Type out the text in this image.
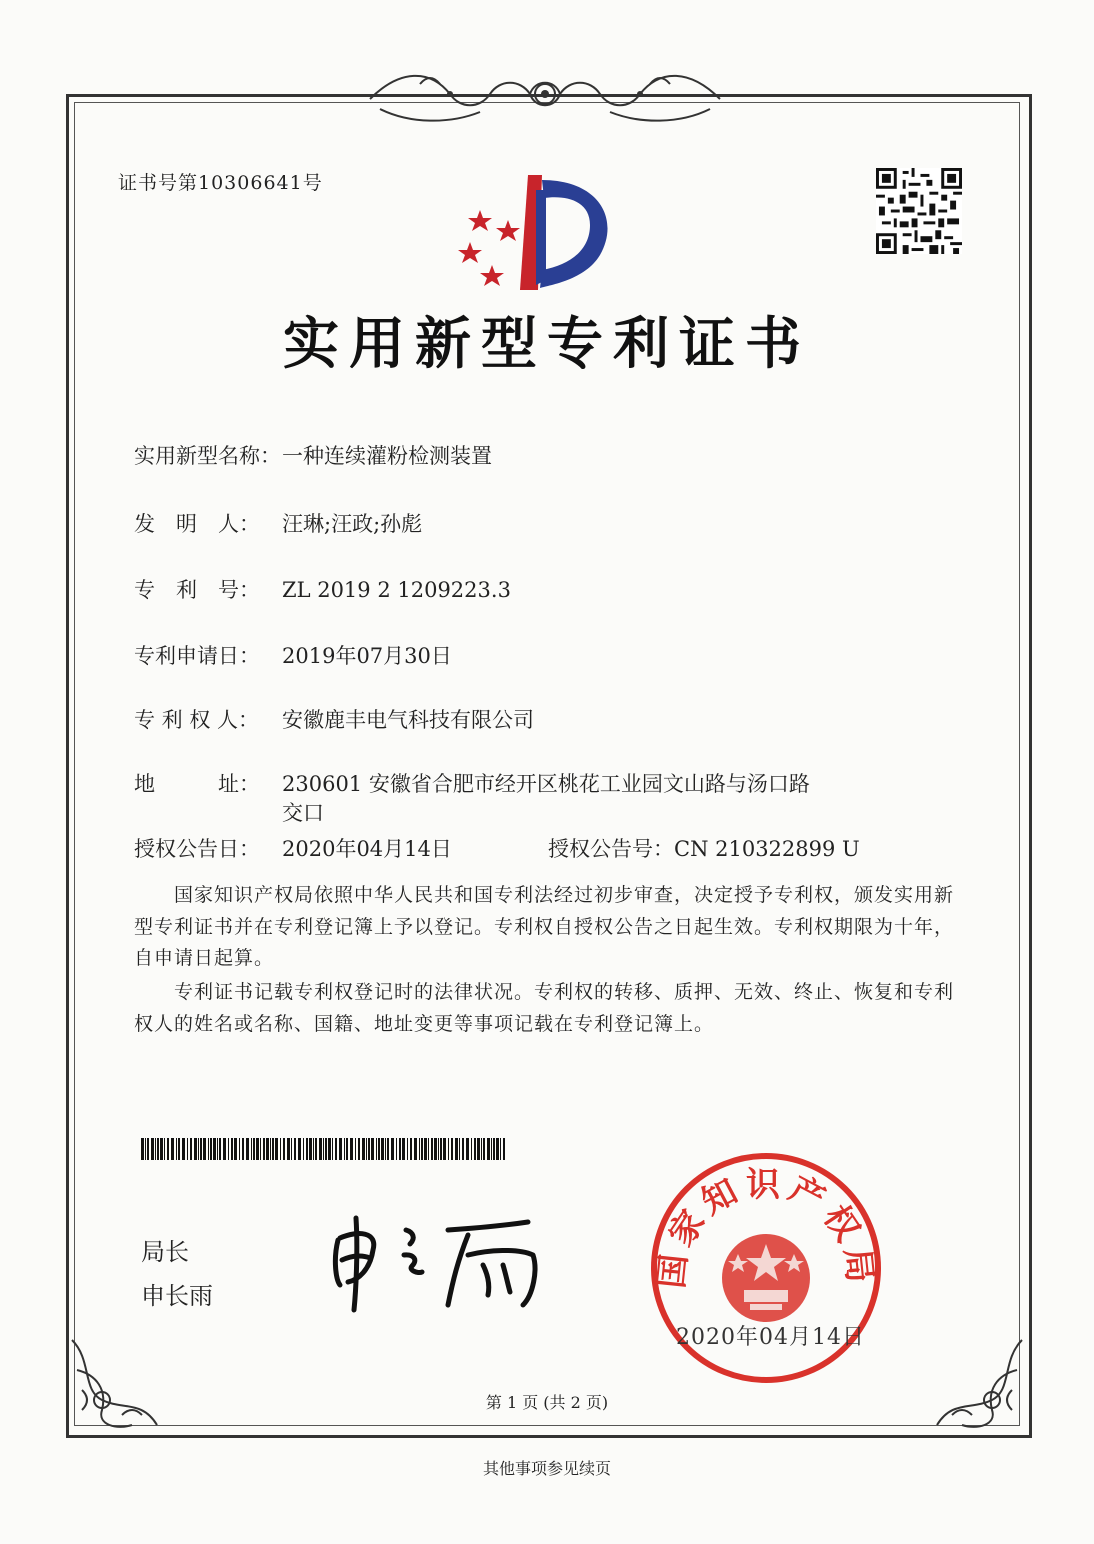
证书号第10306641号
实用新型专利证书
实用新型名称：一种连续灌粉检测装置
发　明　人： 汪琳;汪政;孙彪
专　利　号： ZL 2019 2 1209223.3
专利申请日： 2019年07月30日
专 利 权 人： 安徽鹿丰电气科技有限公司
地　　　址： 230601 安徽省合肥市经开区桃花工业园文山路与汤口路
交口
授权公告日： 2020年04月14日	授权公告号：CN 210322899 U
　　国家知识产权局依照中华人民共和国专利法经过初步审查，决定授予专利权，颁发实用新型专利证书并在专利登记簿上予以登记。专利权自授权公告之日起生效。专利权期限为十年，自申请日起算。
　　专利证书记载专利权登记时的法律状况。专利权的转移、质押、无效、终止、恢复和专利权人的姓名或名称、国籍、地址变更等事项记载在专利登记簿上。
局长
申长雨
国家知识产权局
2020年04月14日
第 1 页 (共 2 页)
其他事项参见续页
